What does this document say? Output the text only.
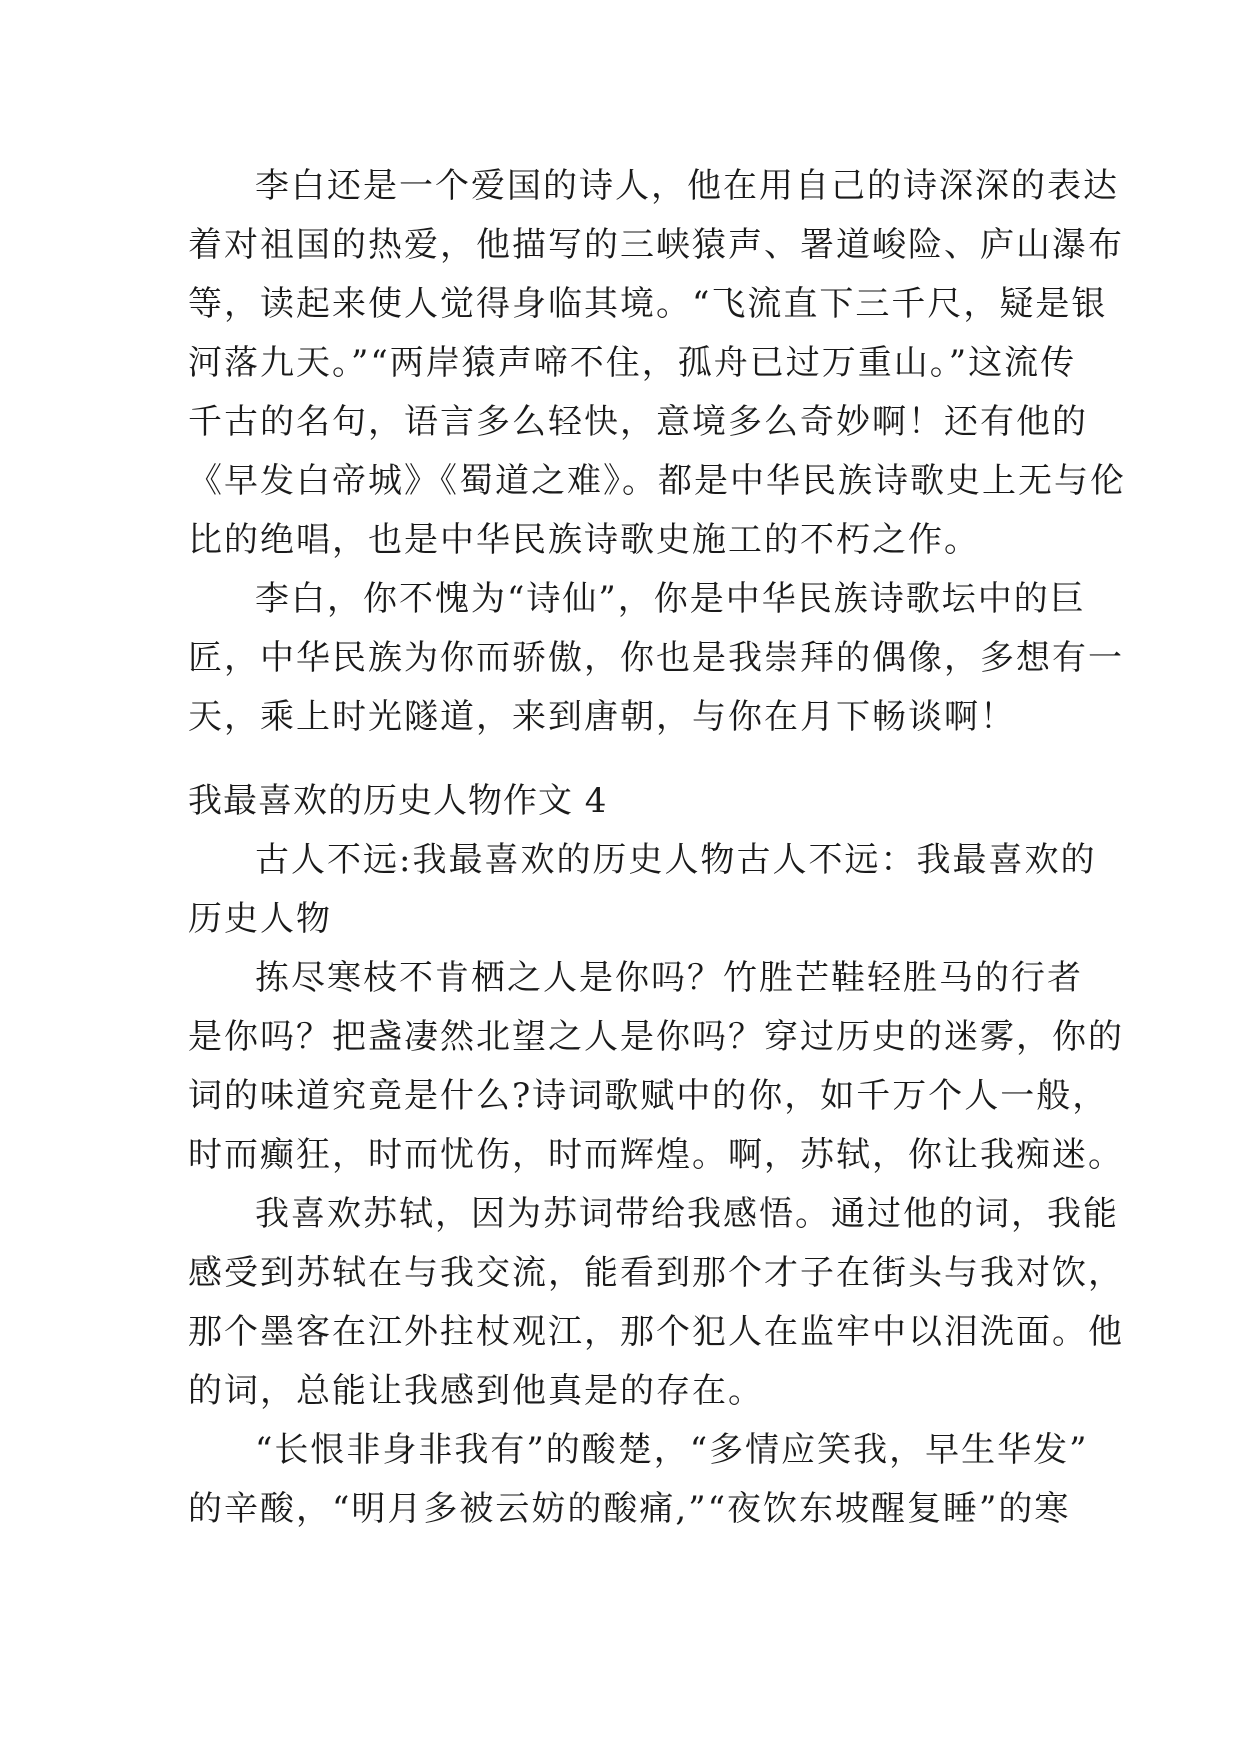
李白还是一个爱国的诗人，他在用自己的诗深深的表达
着对祖国的热爱，他描写的三峡猿声、署道峻险、庐山瀑布
等，读起来使人觉得身临其境。“飞流直下三千尺，疑是银
河落九天。”“两岸猿声啼不住，孤舟已过万重山。”这流传
千古的名句，语言多么轻快，意境多么奇妙啊！还有他的
《早发白帝城》《蜀道之难》。都是中华民族诗歌史上无与伦
比的绝唱，也是中华民族诗歌史施工的不朽之作。
李白，你不愧为“诗仙”，你是中华民族诗歌坛中的巨
匠，中华民族为你而骄傲，你也是我崇拜的偶像，多想有一
天，乘上时光隧道，来到唐朝，与你在月下畅谈啊！
我最喜欢的历史人物作文 4
古人不远:我最喜欢的历史人物古人不远：我最喜欢的
历史人物
拣尽寒枝不肯栖之人是你吗？竹胜芒鞋轻胜马的行者
是你吗？把盏凄然北望之人是你吗？穿过历史的迷雾，你的
词的味道究竟是什么?诗词歌赋中的你，如千万个人一般，
时而癫狂，时而忧伤，时而辉煌。啊，苏轼，你让我痴迷。
我喜欢苏轼，因为苏词带给我感悟。通过他的词，我能
感受到苏轼在与我交流，能看到那个才子在街头与我对饮，
那个墨客在江外拄杖观江，那个犯人在监牢中以泪洗面。他
的词，总能让我感到他真是的存在。
“长恨非身非我有”的酸楚，“多情应笑我，早生华发”
的辛酸，“明月多被云妨的酸痛,”“夜饮东坡醒复睡”的寒
